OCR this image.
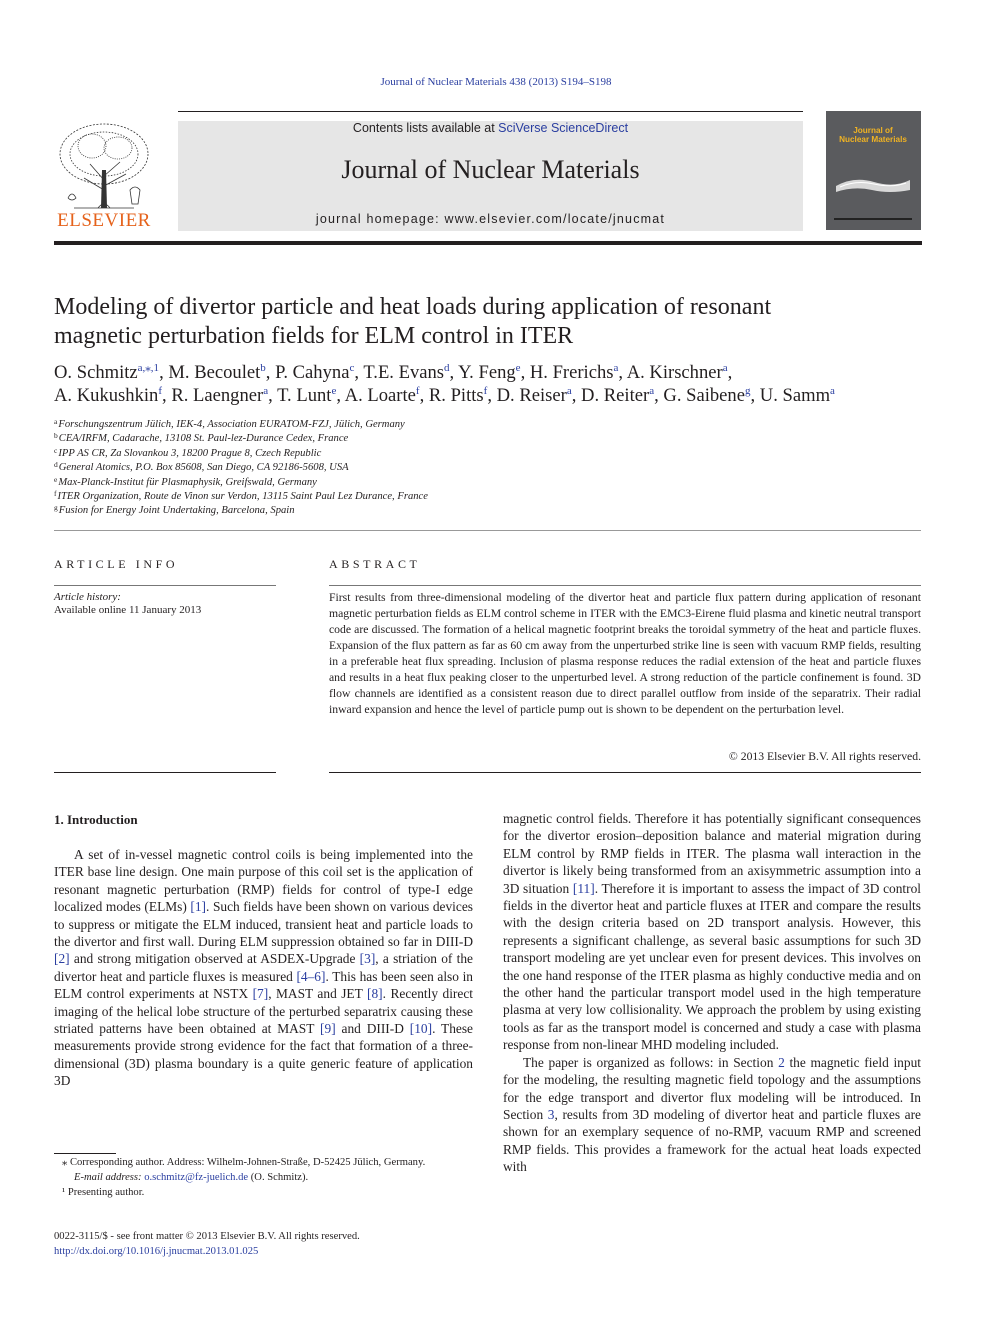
Journal of Nuclear Materials 438 (2013) S194–S198
Contents lists available at SciVerse ScienceDirect
Journal of Nuclear Materials
journal homepage: www.elsevier.com/locate/jnucmat
ELSEVIER
Journal of
Nuclear Materials
Modeling of divertor particle and heat loads during application of resonant
magnetic perturbation fields for ELM control in ITER
O. Schmitz$^{a,⁎,1}$, M. Becoulet$^b$, P. Cahyna$^c$, T.E. Evans$^d$, Y. Feng$^e$, H. Frerichs$^a$, A. Kirschner$^a$,
A. Kukushkin$^f$, R. Laengner$^a$, T. Lunt$^e$, A. Loarte$^f$, R. Pitts$^f$, D. Reiser$^a$, D. Reiter$^a$, G. Saibene$^g$, U. Samm$^a$
$^a$Forschungszentrum Jülich, IEK-4, Association EURATOM-FZJ, Jülich, Germany
$^b$CEA/IRFM, Cadarache, 13108 St. Paul-lez-Durance Cedex, France
$^c$IPP AS CR, Za Slovankou 3, 18200 Prague 8, Czech Republic
$^d$General Atomics, P.O. Box 85608, San Diego, CA 92186-5608, USA
$^e$Max-Planck-Institut für Plasmaphysik, Greifswald, Germany
$^f$ITER Organization, Route de Vinon sur Verdon, 13115 Saint Paul Lez Durance, France
$^g$Fusion for Energy Joint Undertaking, Barcelona, Spain
ARTICLE INFO
Article history:
Available online 11 January 2013
ABSTRACT
First results from three-dimensional modeling of the divertor heat and particle flux pattern during application of resonant magnetic perturbation fields as ELM control scheme in ITER with the EMC3-Eirene fluid plasma and kinetic neutral transport code are discussed. The formation of a helical magnetic footprint breaks the toroidal symmetry of the heat and particle fluxes. Expansion of the flux pattern as far as 60 cm away from the unperturbed strike line is seen with vacuum RMP fields, resulting in a preferable heat flux spreading. Inclusion of plasma response reduces the radial extension of the heat and particle fluxes and results in a heat flux peaking closer to the unperturbed level. A strong reduction of the particle confinement is found. 3D flow channels are identified as a consistent reason due to direct parallel outflow from inside of the separatrix. Their radial inward expansion and hence the level of particle pump out is shown to be dependent on the perturbation level.
© 2013 Elsevier B.V. All rights reserved.
1. Introduction

A set of in-vessel magnetic control coils is being implemented into the ITER base line design. One main purpose of this coil set is the application of resonant magnetic perturbation (RMP) fields for control of type-I edge localized modes (ELMs) [1]. Such fields have been shown on various devices to suppress or mitigate the ELM induced, transient heat and particle loads to the divertor and first wall. During ELM suppression obtained so far in DIII-D [2] and strong mitigation observed at ASDEX-Upgrade [3], a striation of the divertor heat and particle fluxes is measured [4–6]. This has been seen also in ELM control experiments at NSTX [7], MAST and JET [8]. Recently direct imaging of the helical lobe structure of the perturbed separatrix causing these striated patterns have been obtained at MAST [9] and DIII-D [10]. These measurements provide strong evidence for the fact that formation of a three-dimensional (3D) plasma boundary is a quite generic feature of application 3D

magnetic control fields. Therefore it has potentially significant consequences for the divertor erosion–deposition balance and material migration during ELM control by RMP fields in ITER. The plasma wall interaction in the divertor is likely being transformed from an axisymmetric assumption into a 3D situation [11]. Therefore it is important to assess the impact of 3D control fields in the divertor heat and particle fluxes at ITER and compare the results with the design criteria based on 2D transport analysis. However, this represents a significant challenge, as several basic assumptions for such 3D transport modeling are yet unclear even for present devices. This involves on the one hand response of the ITER plasma as highly conductive media and on the other hand the particular transport model used in the high temperature plasma at very low collisionality. We approach the problem by using existing tools as far as the transport model is concerned and study a case with plasma response from non-linear MHD modeling included.

The paper is organized as follows: in Section 2 the magnetic field input for the modeling, the resulting magnetic field topology and the assumptions for the edge transport and divertor flux modeling will be introduced. In Section 3, results from 3D modeling of divertor heat and particle fluxes are shown for an exemplary sequence of no-RMP, vacuum RMP and screened RMP fields. This provides a framework for the actual heat loads expected with

⁎ Corresponding author. Address: Wilhelm-Johnen-Straße, D-52425 Jülich, Germany.
E-mail address: o.schmitz@fz-juelich.de (O. Schmitz).
¹ Presenting author.
0022-3115/$ - see front matter © 2013 Elsevier B.V. All rights reserved.
http://dx.doi.org/10.1016/j.jnucmat.2013.01.025
